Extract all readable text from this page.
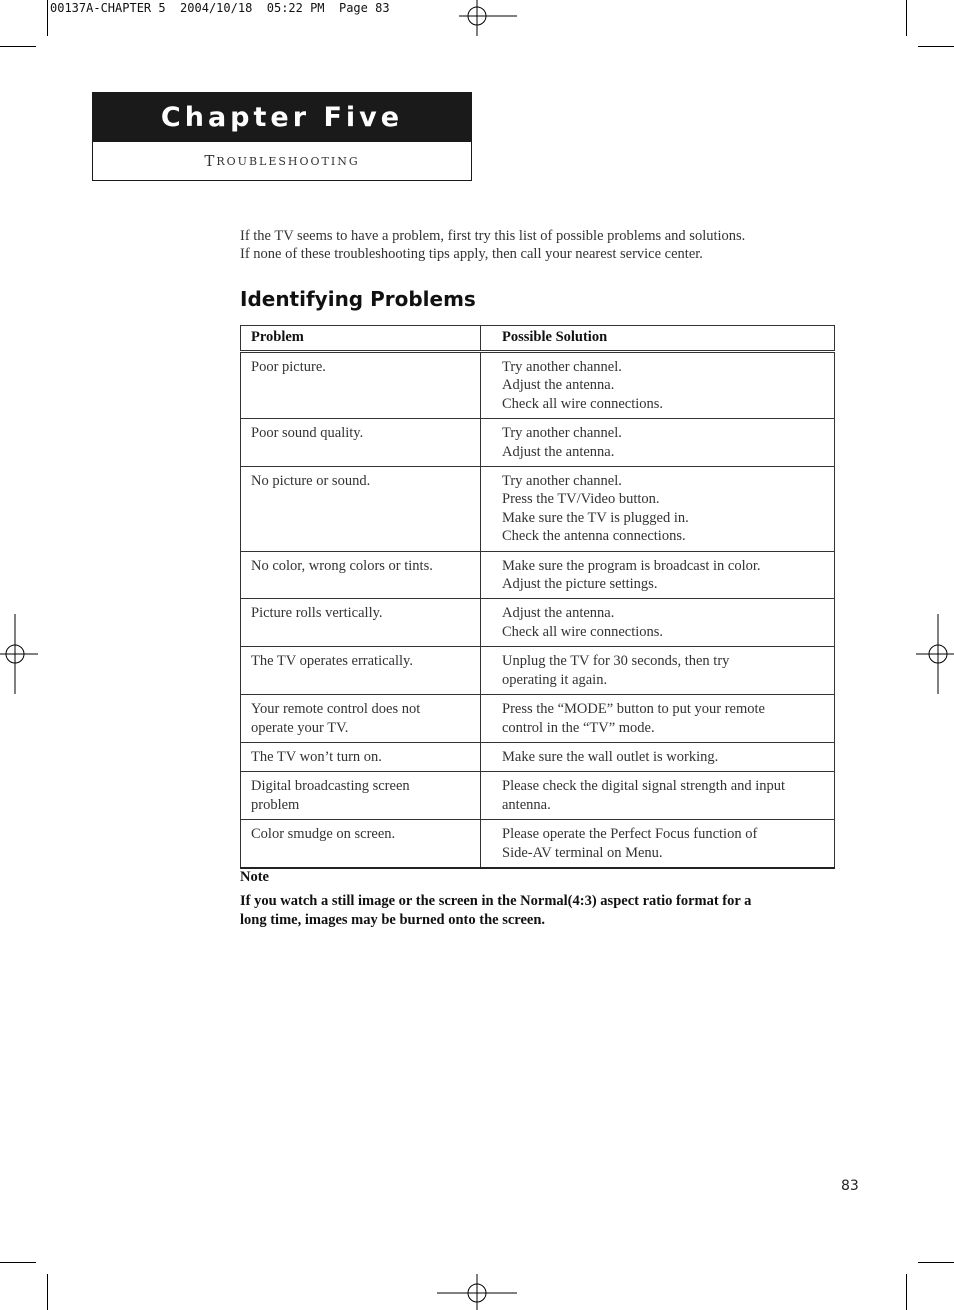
00137A-CHAPTER 5  2004/10/18  05:22 PM  Page 83
Chapter Five
T ROUBLESHOOTING
If the TV seems to have a problem, first try this list of possible problems and solutions.
If none of these troubleshooting tips apply, then call your nearest service center.
Identifying Problems
Problem	Possible Solution

Poor picture.	Try another channel.
Adjust the antenna.
Check all wire connections.

Poor sound quality.	Try another channel.
Adjust the antenna.

No picture or sound.	Try another channel.
Press the TV/Video button.
Make sure the TV is plugged in.
Check the antenna connections.

No color, wrong colors or tints.	Make sure the program is broadcast in color.
Adjust the picture settings.

Picture rolls vertically.	Adjust the antenna.
Check all wire connections.

The TV operates erratically.	Unplug the TV for 30 seconds, then try
operating it again.

Your remote control does not
operate your TV.	Press the “MODE” button to put your remote
control in the “TV” mode.

The TV won’t turn on.	Make sure the wall outlet is working.

Digital broadcasting screen
problem	Please check the digital signal strength and input
antenna.

Color smudge on screen.	Please operate the Perfect Focus function of
Side-AV terminal on Menu.
Note
If you watch a still image or the screen in the Normal(4:3) aspect ratio format for a
long time, images may be burned onto the screen.
83
